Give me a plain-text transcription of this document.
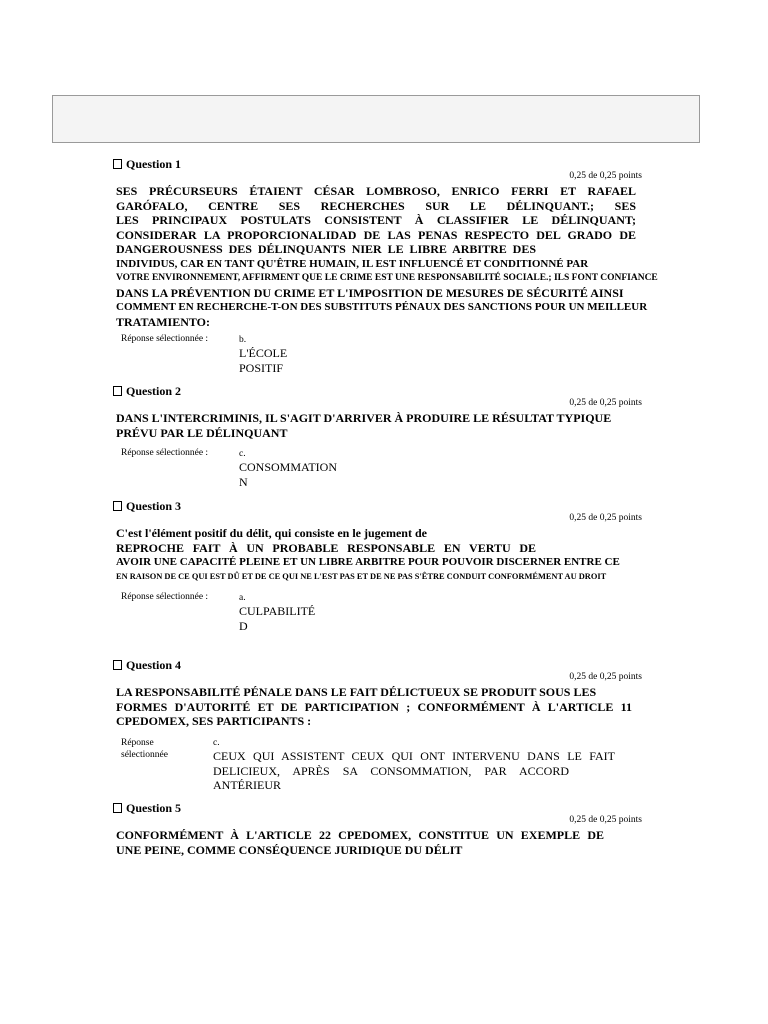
Question 1
0,25 de 0,25 points
SES PRÉCURSEURS ÉTAIENT CÉSAR LOMBROSO, ENRICO FERRI ET RAFAEL
GARÓFALO, CENTRE SES RECHERCHES SUR LE DÉLINQUANT.; SES
LES PRINCIPAUX POSTULATS CONSISTENT À CLASSIFIER LE DÉLINQUANT;
CONSIDERAR LA PROPORCIONALIDAD DE LAS PENAS RESPECTO DEL GRADO DE
DANGEROUSNESS DES DÉLINQUANTS NIER LE LIBRE ARBITRE DES
INDIVIDUS, CAR EN TANT QU'ÊTRE HUMAIN, IL EST INFLUENCÉ ET CONDITIONNÉ PAR
VOTRE ENVIRONNEMENT, AFFIRMENT QUE LE CRIME EST UNE RESPONSABILITÉ SOCIALE.; ILS FONT CONFIANCE
DANS LA PRÉVENTION DU CRIME ET L'IMPOSITION DE MESURES DE SÉCURITÉ AINSI
COMMENT EN RECHERCHE-T-ON DES SUBSTITUTS PÉNAUX DES SANCTIONS POUR UN MEILLEUR
TRATAMIENTO:
Réponse sélectionnée :	b.
L'ÉCOLE
POSITIF
Question 2
0,25 de 0,25 points
DANS L'INTERCRIMINIS, IL S'AGIT D'ARRIVER À PRODUIRE LE RÉSULTAT TYPIQUE
PRÉVU PAR LE DÉLINQUANT
Réponse sélectionnée :	c.
CONSOMMATION
N
Question 3
0,25 de 0,25 points
C'est l'élément positif du délit, qui consiste en le jugement de
REPROCHE FAIT À UN PROBABLE RESPONSABLE EN VERTU DE
AVOIR UNE CAPACITÉ PLEINE ET UN LIBRE ARBITRE POUR POUVOIR DISCERNER ENTRE CE
EN RAISON DE CE QUI EST DÛ ET DE CE QUI NE L'EST PAS ET DE NE PAS S'ÊTRE CONDUIT CONFORMÉMENT AU DROIT
Réponse sélectionnée :	a.
CULPABILITÉ
D
Question 4
0,25 de 0,25 points
LA RESPONSABILITÉ PÉNALE DANS LE FAIT DÉLICTUEUX SE PRODUIT SOUS LES
FORMES D'AUTORITÉ ET DE PARTICIPATION ; CONFORMÉMENT À L'ARTICLE 11
CPEDOMEX, SES PARTICIPANTS :
Réponse
sélectionnée
c.
CEUX QUI ASSISTENT CEUX QUI ONT INTERVENU DANS LE FAIT
DELICIEUX, APRÈS SA CONSOMMATION, PAR ACCORD
ANTÉRIEUR
Question 5
0,25 de 0,25 points
CONFORMÉMENT À L'ARTICLE 22 CPEDOMEX, CONSTITUE UN EXEMPLE DE
UNE PEINE, COMME CONSÉQUENCE JURIDIQUE DU DÉLIT
